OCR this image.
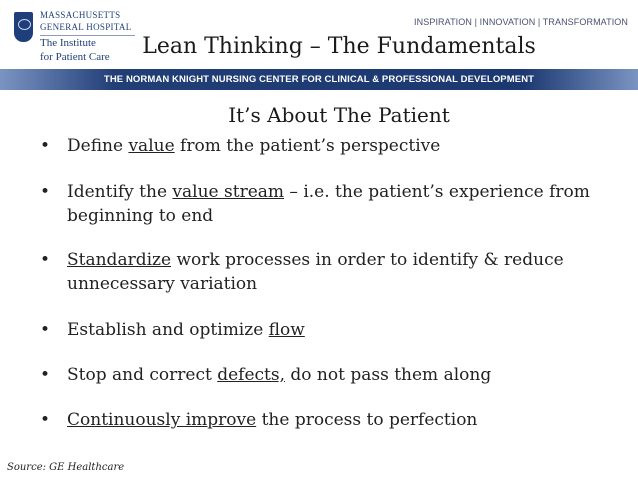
INSPIRATION | INNOVATION | TRANSFORMATION
MASSACHUSETTS
GENERAL HOSPITAL
The Institute
for Patient Care	Lean Thinking – The Fundamentals
THE NORMAN KNIGHT NURSING CENTER FOR CLINICAL & PROFESSIONAL DEVELOPMENT
It’s About The Patient
• Define value from the patient’s perspective
• Identify the value stream – i.e. the patient’s experience from beginning to end
• Standardize work processes in order to identify & reduce unnecessary variation
• Establish and optimize flow
• Stop and correct defects, do not pass them along
• Continuously improve the process to perfection
Source: GE Healthcare
